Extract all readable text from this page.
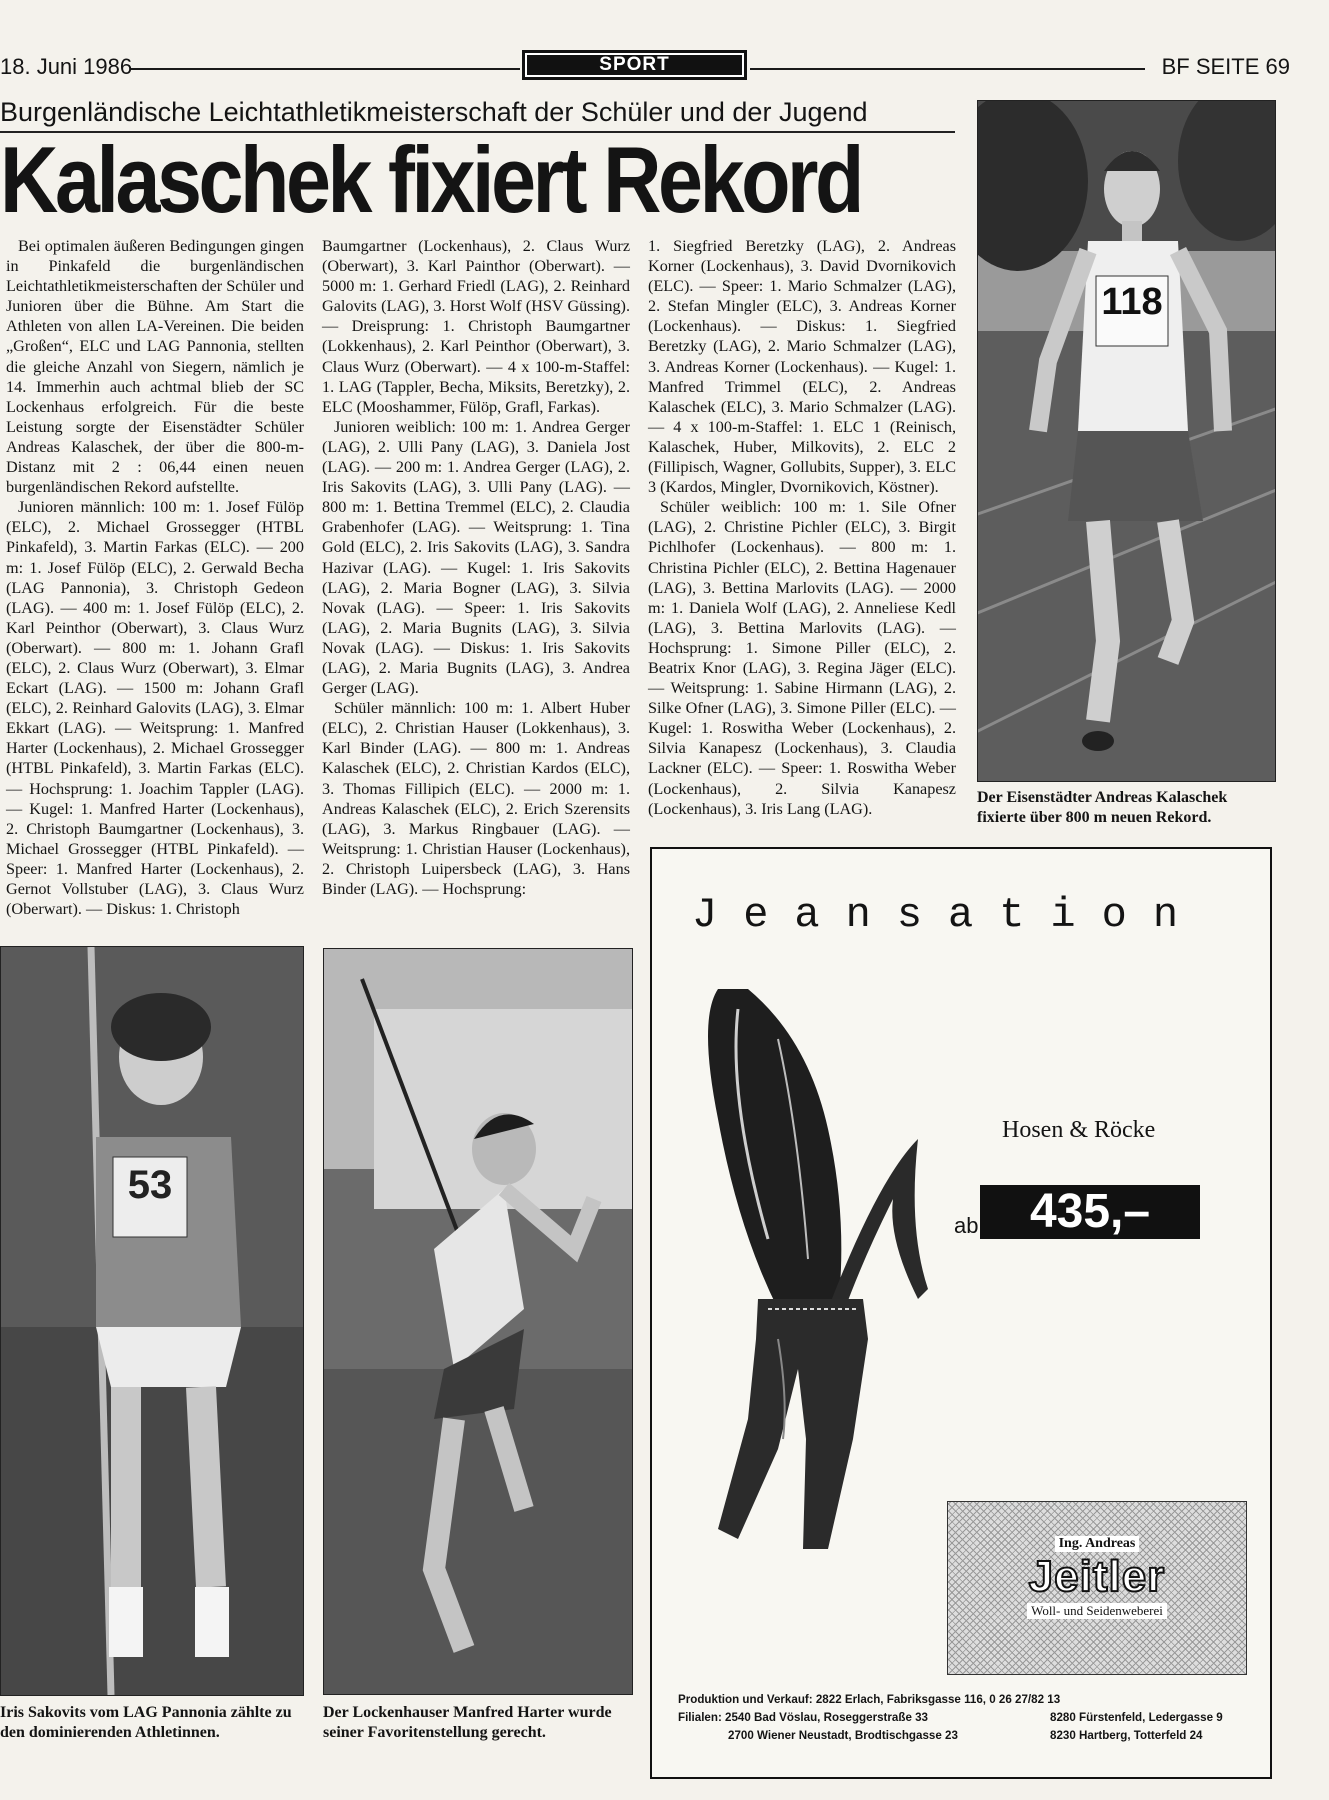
18. Juni 1986	SPORT	BF SEITE 69
Burgenländische Leichtathletikmeisterschaft der Schüler und der Jugend
Kalaschek fixiert Rekord

Bei optimalen äußeren Bedingungen gingen in Pinkafeld die burgenländischen Leichtathletikmeisterschaften der Schüler und Junioren über die Bühne. Am Start die Athleten von allen LA-Vereinen. Die beiden „Großen“, ELC und LAG Pannonia, stellten die gleiche Anzahl von Siegern, nämlich je 14. Immerhin auch achtmal blieb der SC Lockenhaus erfolgreich. Für die beste Leistung sorgte der Eisenstädter Schüler Andreas Kalaschek, der über die 800-m-Distanz mit 2 : 06,44 einen neuen burgenländischen Rekord aufstellte.

Junioren männlich: 100 m: 1. Josef Fülöp (ELC), 2. Michael Grossegger (HTBL Pinkafeld), 3. Martin Farkas (ELC). — 200 m: 1. Josef Fülöp (ELC), 2. Gerwald Becha (LAG Pannonia), 3. Christoph Gedeon (LAG). — 400 m: 1. Josef Fülöp (ELC), 2. Karl Peinthor (Oberwart), 3. Claus Wurz (Oberwart). — 800 m: 1. Johann Grafl (ELC), 2. Claus Wurz (Oberwart), 3. Elmar Eckart (LAG). — 1500 m: Johann Grafl (ELC), 2. Reinhard Galovits (LAG), 3. Elmar Ekkart (LAG). — Weitsprung: 1. Manfred Harter (Lockenhaus), 2. Michael Grossegger (HTBL Pinkafeld), 3. Martin Farkas (ELC). — Hochsprung: 1. Joachim Tappler (LAG). — Kugel: 1. Manfred Harter (Lockenhaus), 2. Christoph Baumgartner (Lockenhaus), 3. Michael Grossegger (HTBL Pinkafeld). — Speer: 1. Manfred Harter (Lockenhaus), 2. Gernot Vollstuber (LAG), 3. Claus Wurz (Oberwart). — Diskus: 1. Christoph

Baumgartner (Lockenhaus), 2. Claus Wurz (Oberwart), 3. Karl Painthor (Oberwart). — 5000 m: 1. Gerhard Friedl (LAG), 2. Reinhard Galovits (LAG), 3. Horst Wolf (HSV Güssing). — Dreisprung: 1. Christoph Baumgartner (Lokkenhaus), 2. Karl Peinthor (Oberwart), 3. Claus Wurz (Oberwart). — 4 x 100-m-Staffel: 1. LAG (Tappler, Becha, Miksits, Beretzky), 2. ELC (Mooshammer, Fülöp, Grafl, Farkas).

Junioren weiblich: 100 m: 1. Andrea Gerger (LAG), 2. Ulli Pany (LAG), 3. Daniela Jost (LAG). — 200 m: 1. Andrea Gerger (LAG), 2. Iris Sakovits (LAG), 3. Ulli Pany (LAG). — 800 m: 1. Bettina Tremmel (ELC), 2. Claudia Grabenhofer (LAG). — Weitsprung: 1. Tina Gold (ELC), 2. Iris Sakovits (LAG), 3. Sandra Hazivar (LAG). — Kugel: 1. Iris Sakovits (LAG), 2. Maria Bogner (LAG), 3. Silvia Novak (LAG). — Speer: 1. Iris Sakovits (LAG), 2. Maria Bugnits (LAG), 3. Silvia Novak (LAG). — Diskus: 1. Iris Sakovits (LAG), 2. Maria Bugnits (LAG), 3. Andrea Gerger (LAG).

Schüler männlich: 100 m: 1. Albert Huber (ELC), 2. Christian Hauser (Lokkenhaus), 3. Karl Binder (LAG). — 800 m: 1. Andreas Kalaschek (ELC), 2. Christian Kardos (ELC), 3. Thomas Fillipich (ELC). — 2000 m: 1. Andreas Kalaschek (ELC), 2. Erich Szerensits (LAG), 3. Markus Ringbauer (LAG). — Weitsprung: 1. Christian Hauser (Lockenhaus), 2. Christoph Luipersbeck (LAG), 3. Hans Binder (LAG). — Hochsprung:

1. Siegfried Beretzky (LAG), 2. Andreas Korner (Lockenhaus), 3. David Dvornikovich (ELC). — Speer: 1. Mario Schmalzer (LAG), 2. Stefan Mingler (ELC), 3. Andreas Korner (Lockenhaus). — Diskus: 1. Siegfried Beretzky (LAG), 2. Mario Schmalzer (LAG), 3. Andreas Korner (Lockenhaus). — Kugel: 1. Manfred Trimmel (ELC), 2. Andreas Kalaschek (ELC), 3. Mario Schmalzer (LAG). — 4 x 100-m-Staffel: 1. ELC 1 (Reinisch, Kalaschek, Huber, Milkovits), 2. ELC 2 (Fillipisch, Wagner, Gollubits, Supper), 3. ELC 3 (Kardos, Mingler, Dvornikovich, Köstner).

Schüler weiblich: 100 m: 1. Sile Ofner (LAG), 2. Christine Pichler (ELC), 3. Birgit Pichlhofer (Lockenhaus). — 800 m: 1. Christina Pichler (ELC), 2. Bettina Hagenauer (LAG), 3. Bettina Marlovits (LAG). — 2000 m: 1. Daniela Wolf (LAG), 2. Anneliese Kedl (LAG), 3. Bettina Marlovits (LAG). — Hochsprung: 1. Simone Piller (ELC), 2. Beatrix Knor (LAG), 3. Regina Jäger (ELC). — Weitsprung: 1. Sabine Hirmann (LAG), 2. Silke Ofner (LAG), 3. Simone Piller (ELC). — Kugel: 1. Roswitha Weber (Lockenhaus), 2. Silvia Kanapesz (Lockenhaus), 3. Claudia Lackner (ELC). — Speer: 1. Roswitha Weber (Lockenhaus), 2. Silvia Kanapesz (Lockenhaus), 3. Iris Lang (LAG).

118
Der Eisenstädter Andreas Kalaschek fixierte über 800 m neuen Rekord.
53
Iris Sakovits vom LAG Pannonia zählte zu den dominierenden Athletinnen.
Der Lockenhauser Manfred Harter wurde seiner Favoritenstellung gerecht.
Jeansation
Hosen & Röcke
ab	435,–
Ing. Andreas
Jeitler
Woll- und Seidenweberei
Produktion und Verkauf: 2822 Erlach, Fabriksgasse 116, 0 26 27/82 13
Filialen: 2540 Bad Vöslau, Roseggerstraße 33	8280 Fürstenfeld, Ledergasse 9
2700 Wiener Neustadt, Brodtischgasse 23	8230 Hartberg, Totterfeld 24
